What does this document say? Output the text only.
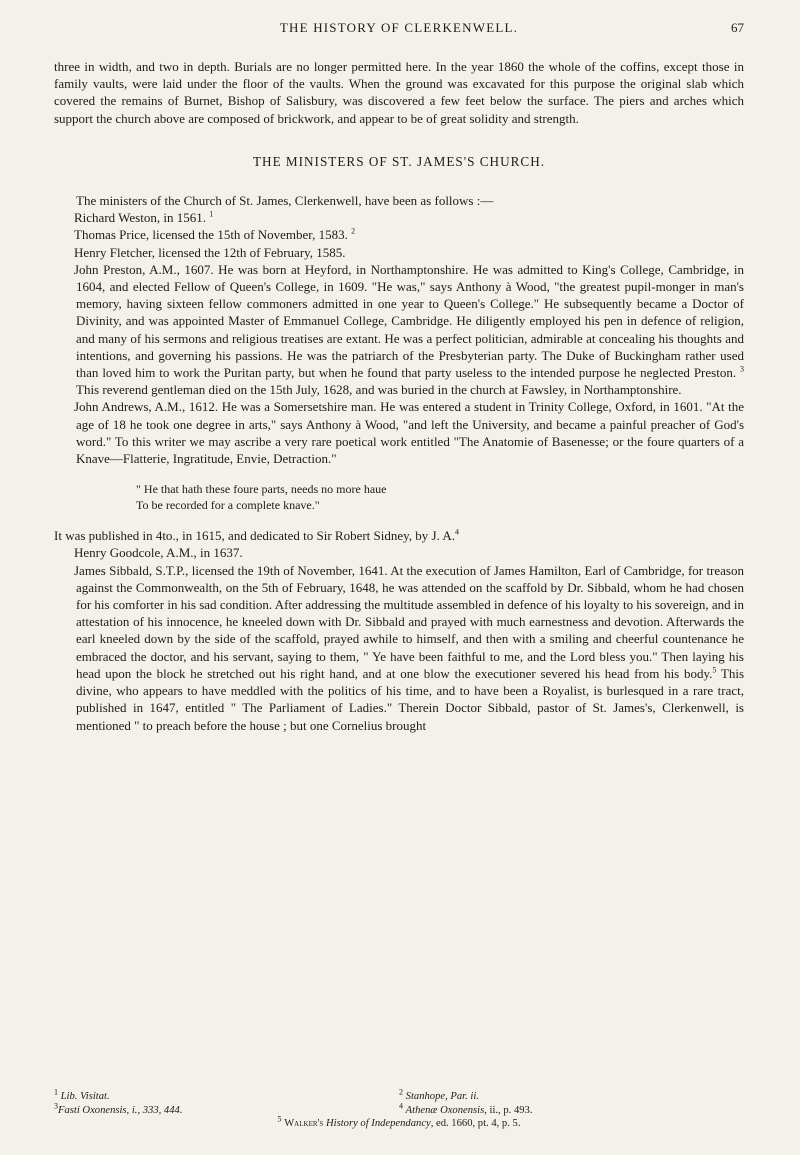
THE HISTORY OF CLERKENWELL.	67

three in width, and two in depth. Burials are no longer permitted here. In the year 1860 the whole of the coffins, except those in family vaults, were laid under the floor of the vaults. When the ground was excavated for this purpose the original slab which covered the remains of Burnet, Bishop of Salisbury, was discovered a few feet below the surface. The piers and arches which support the church above are composed of brickwork, and appear to be of great solidity and strength.

THE MINISTERS OF ST. JAMES'S CHURCH.

The ministers of the Church of St. James, Clerkenwell, have been as follows :—

Richard Weston, in 1561. $^1$

Thomas Price, licensed the 15th of November, 1583. $^2$

Henry Fletcher, licensed the 12th of February, 1585.

John Preston, A.M., 1607. He was born at Heyford, in Northamptonshire. He was admitted to King's College, Cambridge, in 1604, and elected Fellow of Queen's College, in 1609. "He was," says Anthony à Wood, "the greatest pupil-monger in man's memory, having sixteen fellow commoners admitted in one year to Queen's College." He subsequently became a Doctor of Divinity, and was appointed Master of Emmanuel College, Cambridge. He diligently employed his pen in defence of religion, and many of his sermons and religious treatises are extant. He was a perfect politician, admirable at concealing his thoughts and intentions, and governing his passions. He was the patriarch of the Presbyterian party. The Duke of Buckingham rather used than loved him to work the Puritan party, but when he found that party useless to the intended purpose he neglected Preston. $^3$ This reverend gentleman died on the 15th July, 1628, and was buried in the church at Fawsley, in Northamptonshire.

John Andrews, A.M., 1612. He was a Somersetshire man. He was entered a student in Trinity College, Oxford, in 1601. "At the age of 18 he took one degree in arts," says Anthony à Wood, "and left the University, and became a painful preacher of God's word." To this writer we may ascribe a very rare poetical work entitled "The Anatomie of Basenesse; or the foure quarters of a Knave—Flatterie, Ingratitude, Envie, Detraction."

" He that hath these foure parts, needs no more haue
To be recorded for a complete knave."

It was published in 4to., in 1615, and dedicated to Sir Robert Sidney, by J. A.$^4$

Henry Goodcole, A.M., in 1637.

James Sibbald, S.T.P., licensed the 19th of November, 1641. At the execution of James Hamilton, Earl of Cambridge, for treason against the Commonwealth, on the 5th of February, 1648, he was attended on the scaffold by Dr. Sibbald, whom he had chosen for his comforter in his sad condition. After addressing the multitude assembled in defence of his loyalty to his sovereign, and in attestation of his innocence, he kneeled down with Dr. Sibbald and prayed with much earnestness and devotion. Afterwards the earl kneeled down by the side of the scaffold, prayed awhile to himself, and then with a smiling and cheerful countenance he embraced the doctor, and his servant, saying to them, " Ye have been faithful to me, and the Lord bless you." Then laying his head upon the block he stretched out his right hand, and at one blow the executioner severed his head from his body.$^5$ This divine, who appears to have meddled with the politics of his time, and to have been a Royalist, is burlesqued in a rare tract, published in 1647, entitled " The Parliament of Ladies." Therein Doctor Sibbald, pastor of St. James's, Clerkenwell, is mentioned " to preach before the house ; but one Cornelius brought

$^1$ Lib. Visitat.	$^2$ Stanhope, Par. ii.
$^3$Fasti Oxonensis, i., 333, 444.	$^4$ Athenæ Oxonensis, ii., p. 493.
$^5$ Walker's History of Independancy, ed. 1660, pt. 4, p. 5.
